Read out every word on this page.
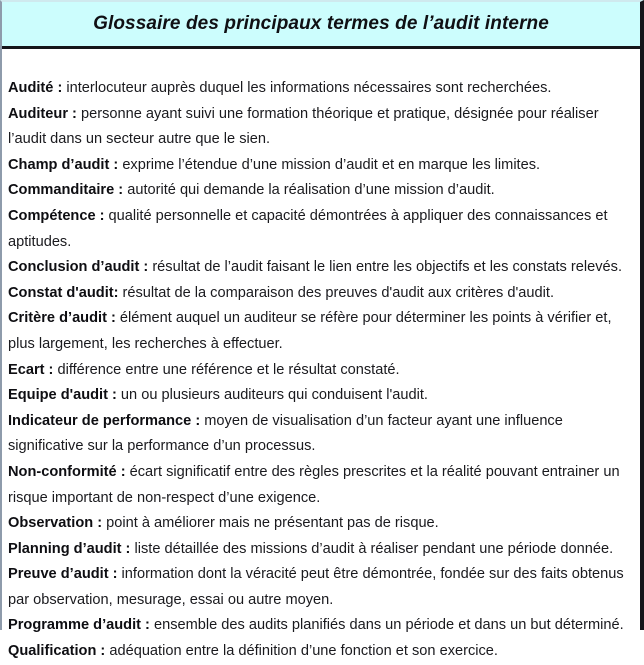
Glossaire des principaux termes de l’audit interne

Audité : interlocuteur auprès duquel les informations nécessaires sont recherchées.

Auditeur : personne ayant suivi une formation théorique et pratique, désignée pour réaliser l’audit dans un secteur autre que le sien.

Champ d’audit : exprime l’étendue d’une mission d’audit et en marque les limites.

Commanditaire : autorité qui demande la réalisation d’une mission d’audit.

Compétence : qualité personnelle et capacité démontrées à appliquer des connaissances et aptitudes.

Conclusion d’audit : résultat de l’audit faisant le lien entre les objectifs et les constats relevés.

Constat d'audit: résultat de la comparaison des preuves d'audit aux critères d'audit.

Critère d’audit : élément auquel un auditeur se réfère pour déterminer les points à vérifier et, plus largement, les recherches à effectuer.

Ecart : différence entre une référence et le résultat constaté.

Equipe d'audit : un ou plusieurs auditeurs qui conduisent l'audit.

Indicateur de performance : moyen de visualisation d’un facteur ayant une influence significative sur la performance d’un processus.

Non-conformité : écart significatif entre des règles prescrites et la réalité pouvant entrainer un risque important de non-respect d’une exigence.

Observation : point à améliorer mais ne présentant pas de risque.

Planning d’audit : liste détaillée des missions d’audit à réaliser pendant une période donnée.

Preuve d’audit : information dont la véracité peut être démontrée, fondée sur des faits obtenus par observation, mesurage, essai ou autre moyen.

Programme d’audit : ensemble des audits planifiés dans un période et dans un but déterminé.

Qualification : adéquation entre la définition d’une fonction et son exercice.
